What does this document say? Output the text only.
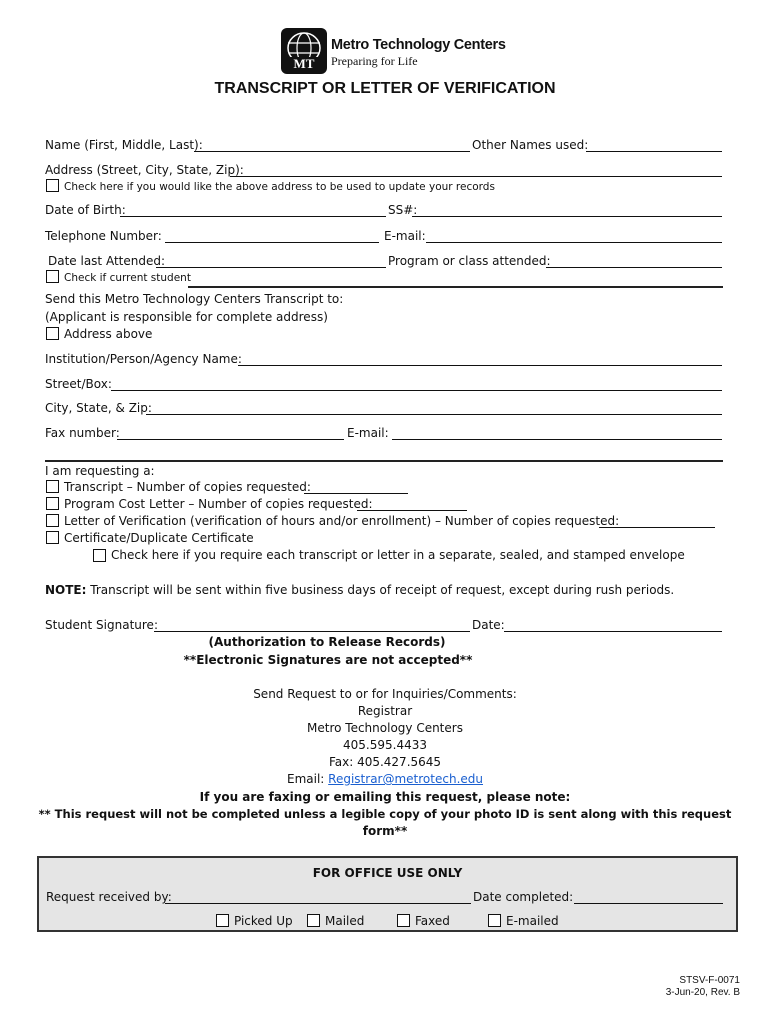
MT
Metro Technology Centers
Preparing for Life
TRANSCRIPT OR LETTER OF VERIFICATION
Name (First, Middle, Last):	Other Names used:
Address (Street, City, State, Zip):
Check here if you would like the above address to be used to update your records
Date of Birth:	SS#:
Telephone Number:	E-mail:
Date last Attended:	Program or class attended:
Check if current student
Send this Metro Technology Centers Transcript to:
(Applicant is responsible for complete address)
Address above
Institution/Person/Agency Name:
Street/Box:
City, State, & Zip:
Fax number:	E-mail:
I am requesting a:
Transcript – Number of copies requested:
Program Cost Letter – Number of copies requested:
Letter of Verification (verification of hours and/or enrollment) – Number of copies requested:
Certificate/Duplicate Certificate
Check here if you require each transcript or letter in a separate, sealed, and stamped envelope
NOTE: Transcript will be sent within five business days of receipt of request, except during rush periods.
Student Signature:	Date:
(Authorization to Release Records)
**Electronic Signatures are not accepted**
Send Request to or for Inquiries/Comments:
Registrar
Metro Technology Centers
405.595.4433
Fax: 405.427.5645
Email: Registrar@metrotech.edu
If you are faxing or emailing this request, please note:
** This request will not be completed unless a legible copy of your photo ID is sent along with this request
form**
FOR OFFICE USE ONLY
Request received by:	Date completed:
Picked Up	Mailed	Faxed	E-mailed
STSV-F-0071
3-Jun-20, Rev. B
